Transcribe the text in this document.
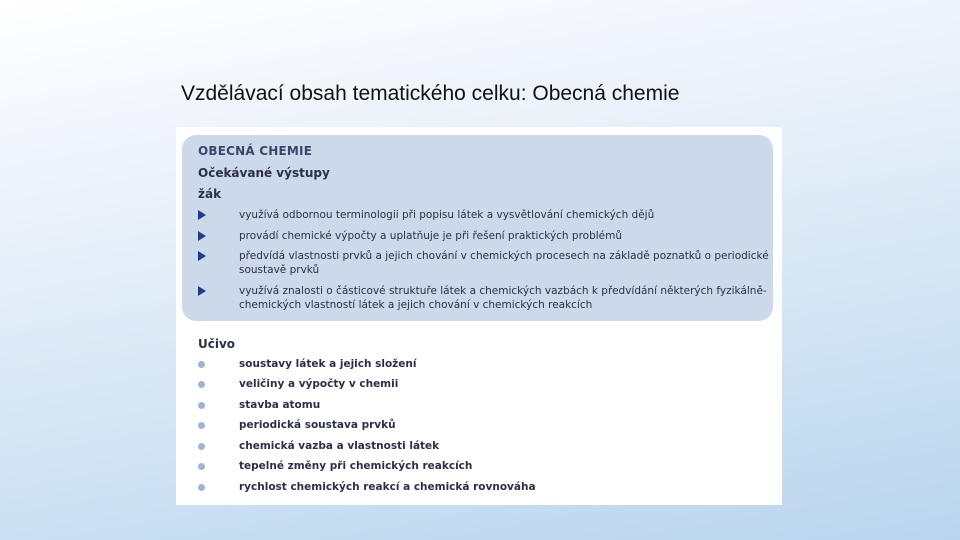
Vzdělávací obsah tematického celku: Obecná chemie
OBECNÁ CHEMIE
Očekávané výstupy
žák
využívá odbornou terminologii při popisu látek a vysvětlování chemických dějů
provádí chemické výpočty a uplatňuje je při řešení praktických problémů
předvídá vlastnosti prvků a jejich chování v chemických procesech na základě poznatků o periodické
soustavě prvků
využívá znalosti o částicové struktuře látek a chemických vazbách k předvídání některých fyzikálně-
chemických vlastností látek a jejich chování v chemických reakcích
Učivo
soustavy látek a jejich složení
veličiny a výpočty v chemii
stavba atomu
periodická soustava prvků
chemická vazba a vlastnosti látek
tepelné změny při chemických reakcích
rychlost chemických reakcí a chemická rovnováha
